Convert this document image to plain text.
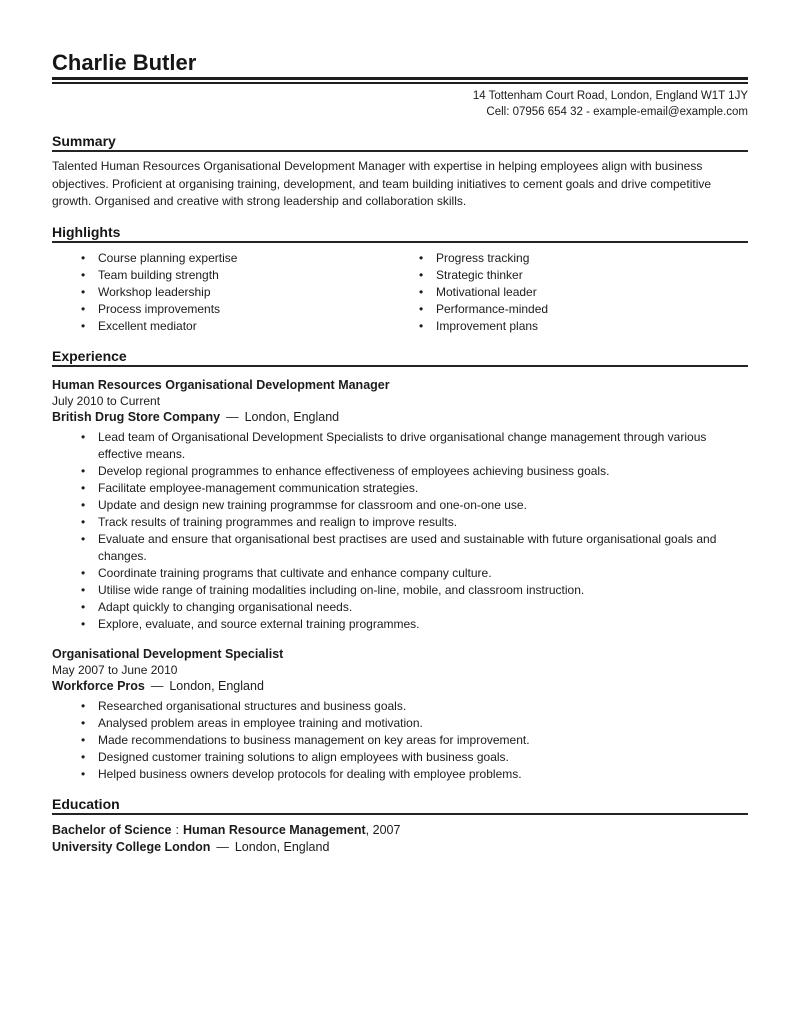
Charlie Butler
14 Tottenham Court Road, London, England W1T 1JY
Cell: 07956 654 32 - example-email@example.com
Summary

Talented Human Resources Organisational Development Manager with expertise in helping employees align with business objectives. Proficient at organising training, development, and team building initiatives to cement goals and drive competitive growth. Organised and creative with strong leadership and collaboration skills.

Highlights
• Course planning expertise
• Team building strength
• Workshop leadership
• Process improvements
• Excellent mediator
• Progress tracking
• Strategic thinker
• Motivational leader
• Performance-minded
• Improvement plans
Experience
Human Resources Organisational Development Manager
July 2010 to Current
British Drug Store Company — London, England
• Lead team of Organisational Development Specialists to drive organisational change management through various effective means.
• Develop regional programmes to enhance effectiveness of employees achieving business goals.
• Facilitate employee-management communication strategies.
• Update and design new training programmse for classroom and one-on-one use.
• Track results of training programmes and realign to improve results.
• Evaluate and ensure that organisational best practises are used and sustainable with future organisational goals and changes.
• Coordinate training programs that cultivate and enhance company culture.
• Utilise wide range of training modalities including on-line, mobile, and classroom instruction.
• Adapt quickly to changing organisational needs.
• Explore, evaluate, and source external training programmes.
Organisational Development Specialist
May 2007 to June 2010
Workforce Pros — London, England
• Researched organisational structures and business goals.
• Analysed problem areas in employee training and motivation.
• Made recommendations to business management on key areas for improvement.
• Designed customer training solutions to align employees with business goals.
• Helped business owners develop protocols for dealing with employee problems.
Education
Bachelor of Science : Human Resource Management, 2007
University College London — London, England
